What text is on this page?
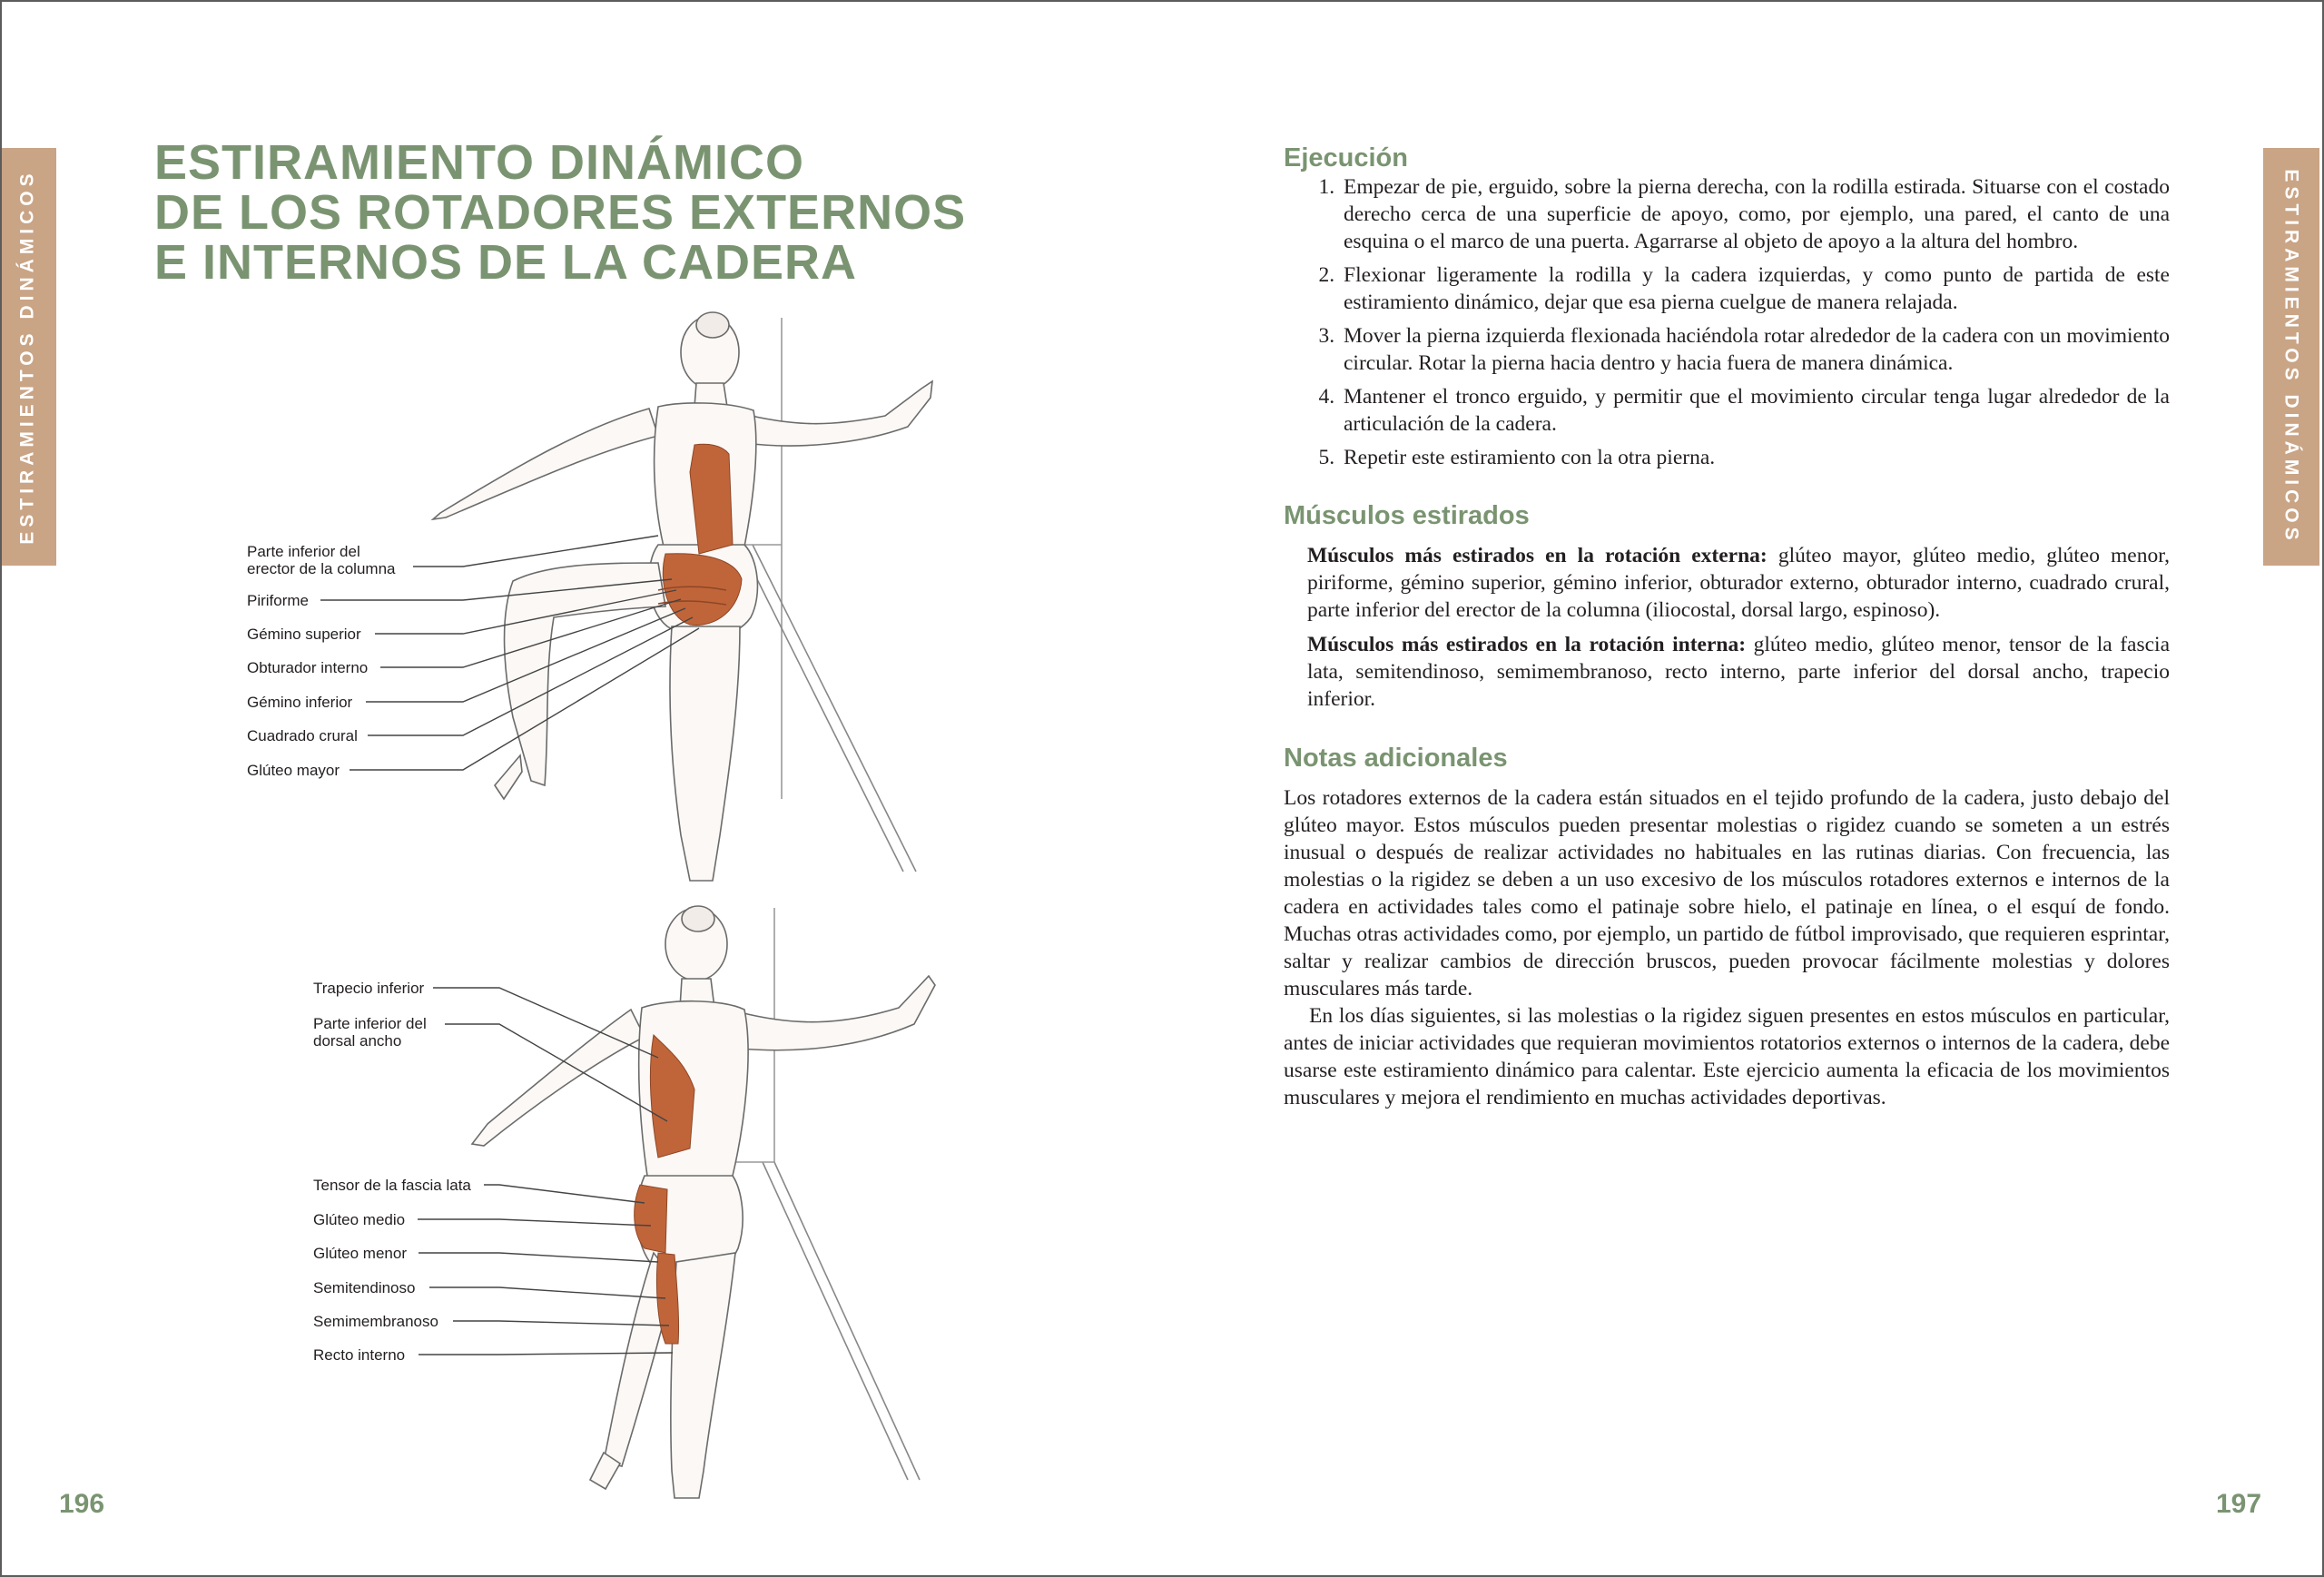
ESTIRAMIENTOS DINÁMICOS	ESTIRAMIENTOS DINÁMICOS
ESTIRAMIENTO DINÁMICO
DE LOS ROTADORES EXTERNOS
E INTERNOS DE LA CADERA
Parte inferior del
erector de la columna
Piriforme
Gémino superior
Obturador interno
Gémino inferior
Cuadrado crural
Glúteo mayor
Trapecio inferior
Parte inferior del
dorsal ancho
Tensor de la fascia lata
Glúteo medio
Glúteo menor
Semitendinoso
Semimembranoso
Recto interno
Ejecución
1. Empezar de pie, erguido, sobre la pierna derecha, con la rodilla estirada. Situarse con el costado derecho cerca de una superficie de apoyo, como, por ejemplo, una pared, el canto de una esquina o el marco de una puerta. Agarrarse al objeto de apoyo a la altura del hombro.
2. Flexionar ligeramente la rodilla y la cadera izquierdas, y como punto de partida de este estiramiento dinámico, dejar que esa pierna cuelgue de manera relajada.
3. Mover la pierna izquierda flexionada haciéndola rotar alrededor de la cadera con un movimiento circular. Rotar la pierna hacia dentro y hacia fuera de manera dinámica.
4. Mantener el tronco erguido, y permitir que el movimiento circular tenga lugar alrededor de la articulación de la cadera.
5. Repetir este estiramiento con la otra pierna.
Músculos estirados

Músculos más estirados en la rotación externa: glúteo mayor, glúteo medio, glúteo menor, piriforme, gémino superior, gémino inferior, obturador externo, obturador interno, cuadrado crural, parte inferior del erector de la columna (iliocostal, dorsal largo, espinoso).

Músculos más estirados en la rotación interna: glúteo medio, glúteo menor, tensor de la fascia lata, semitendinoso, semimembranoso, recto interno, parte inferior del dorsal ancho, trapecio inferior.

Notas adicionales

Los rotadores externos de la cadera están situados en el tejido profundo de la cadera, justo debajo del glúteo mayor. Estos músculos pueden presentar molestias o rigidez cuando se someten a un estrés inusual o después de realizar actividades no habituales en las rutinas diarias. Con frecuencia, las molestias o la rigidez se deben a un uso excesivo de los músculos rotadores externos e internos de la cadera en actividades tales como el patinaje sobre hielo, el patinaje en línea, o el esquí de fondo. Muchas otras actividades como, por ejemplo, un partido de fútbol improvisado, que requieren esprintar, saltar y realizar cambios de dirección bruscos, pueden provocar fácilmente molestias y dolores musculares más tarde.

En los días siguientes, si las molestias o la rigidez siguen presentes en estos músculos en particular, antes de iniciar actividades que requieran movimientos rotatorios externos o internos de la cadera, debe usarse este estiramiento dinámico para calentar. Este ejercicio aumenta la eficacia de los movimientos musculares y mejora el rendimiento en muchas actividades deportivas.

196	197
